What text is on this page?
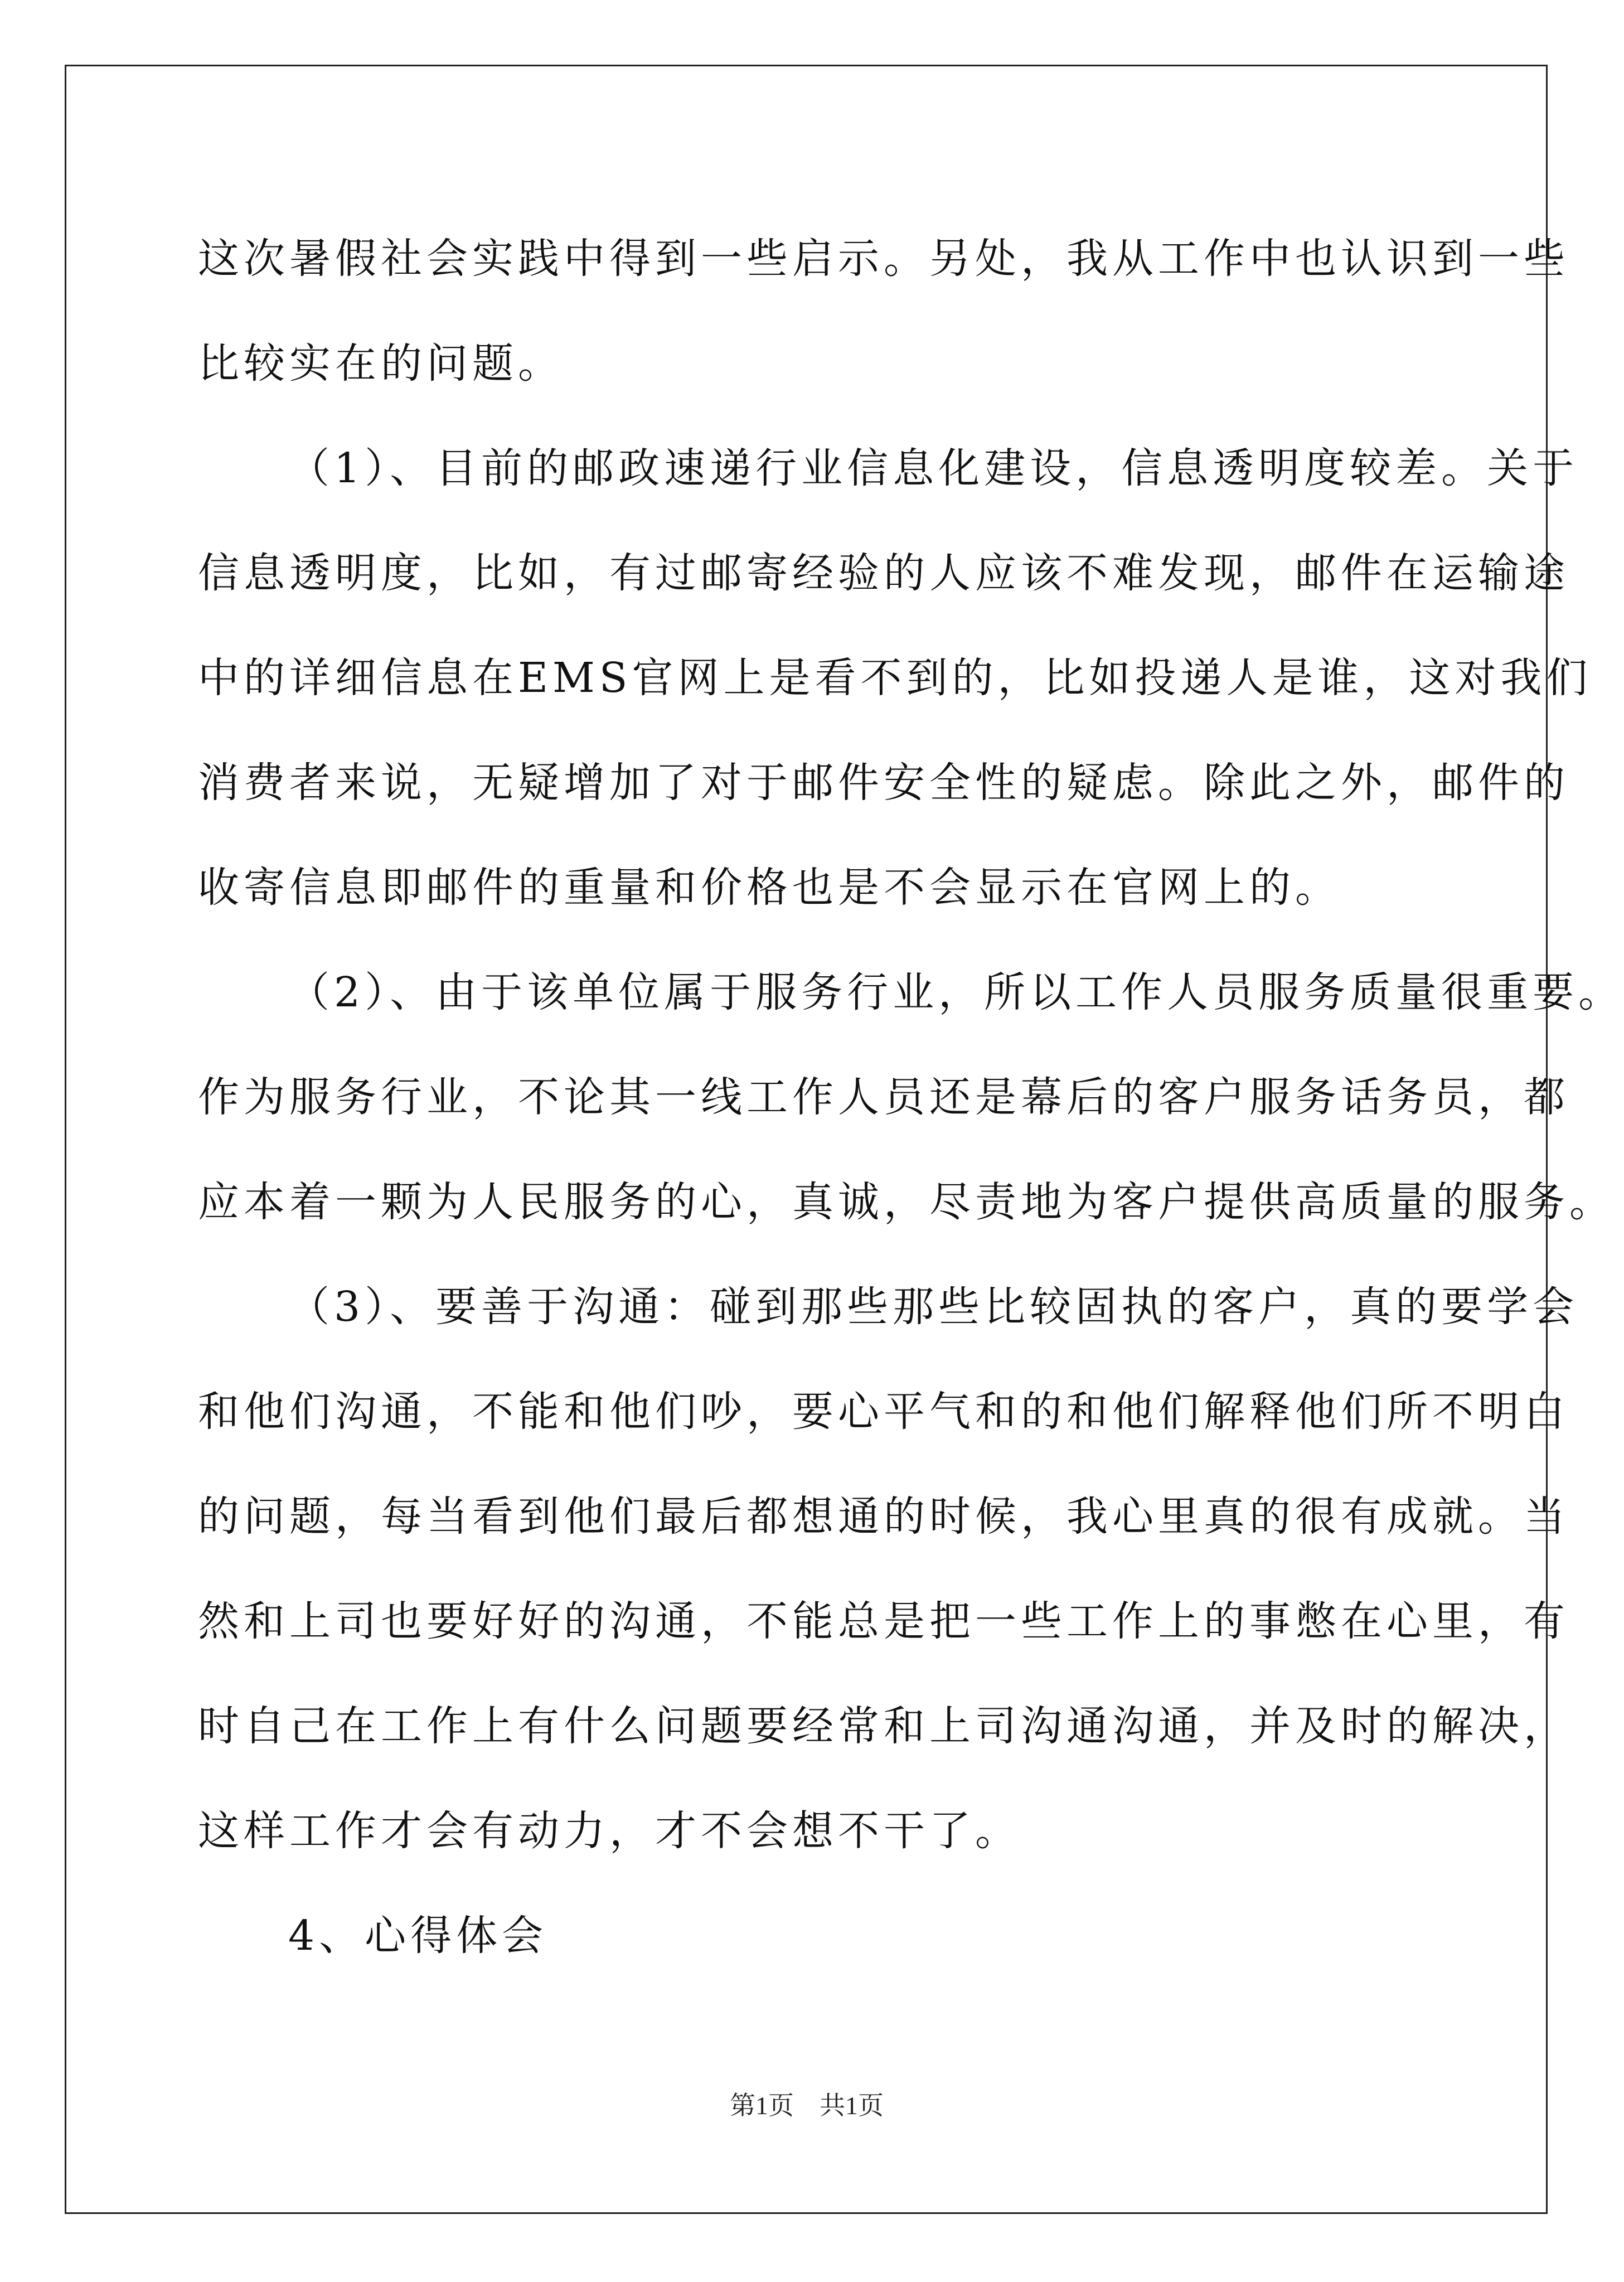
这次暑假社会实践中得到一些启示。另处，我从工作中也认识到一些
比较实在的问题。
（1）、目前的邮政速递行业信息化建设，信息透明度较差。关于
信息透明度，比如，有过邮寄经验的人应该不难发现，邮件在运输途
中的详细信息在EMS官网上是看不到的，比如投递人是谁，这对我们
消费者来说，无疑增加了对于邮件安全性的疑虑。除此之外，邮件的
收寄信息即邮件的重量和价格也是不会显示在官网上的。
（2）、由于该单位属于服务行业，所以工作人员服务质量很重要。
作为服务行业，不论其一线工作人员还是幕后的客户服务话务员，都
应本着一颗为人民服务的心，真诚，尽责地为客户提供高质量的服务。
（3）、要善于沟通：碰到那些那些比较固执的客户，真的要学会
和他们沟通，不能和他们吵，要心平气和的和他们解释他们所不明白
的问题，每当看到他们最后都想通的时候，我心里真的很有成就。当
然和上司也要好好的沟通，不能总是把一些工作上的事憋在心里，有
时自己在工作上有什么问题要经常和上司沟通沟通，并及时的解决，
这样工作才会有动力，才不会想不干了。
4、心得体会
第1页　共1页
